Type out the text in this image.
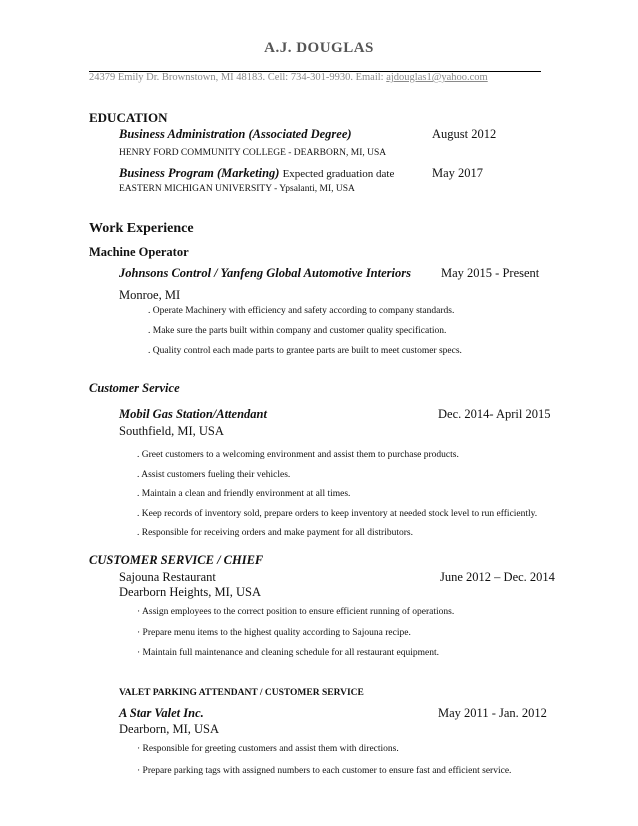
A.J. DOUGLAS
24379 Emily Dr. Brownstown, MI 48183. Cell: 734-301-9930. Email: ajdouglas1@yahoo.com
EDUCATION
Business Administration (Associated Degree)	August 2012
HENRY FORD COMMUNITY COLLEGE - DEARBORN, MI, USA
Business Program (Marketing) Expected graduation date	May 2017
EASTERN MICHIGAN UNIVERSITY - Ypsalanti, MI, USA
Work Experience
Machine Operator
Johnsons Control / Yanfeng Global Automotive Interiors May 2015 - Present
Monroe, MI
. Operate Machinery with efficiency and safety according to company standards.
. Make sure the parts built within company and customer quality specification.
. Quality control each made parts to grantee parts are built to meet customer specs.
Customer Service
Mobil Gas Station/Attendant	Dec. 2014- April 2015
Southfield, MI, USA
. Greet customers to a welcoming environment and assist them to purchase products.
. Assist customers fueling their vehicles.
. Maintain a clean and friendly environment at all times.
. Keep records of inventory sold, prepare orders to keep inventory at needed stock level to run efficiently.
. Responsible for receiving orders and make payment for all distributors.
CUSTOMER SERVICE / CHIEF
Sajouna Restaurant	June 2012 – Dec. 2014
Dearborn Heights, MI, USA
· Assign employees to the correct position to ensure efficient running of operations.
· Prepare menu items to the highest quality according to Sajouna recipe.
· Maintain full maintenance and cleaning schedule for all restaurant equipment.
VALET PARKING ATTENDANT / CUSTOMER SERVICE
A Star Valet Inc.	May 2011 - Jan. 2012
Dearborn, MI, USA
· Responsible for greeting customers and assist them with directions.
· Prepare parking tags with assigned numbers to each customer to ensure fast and efficient service.
